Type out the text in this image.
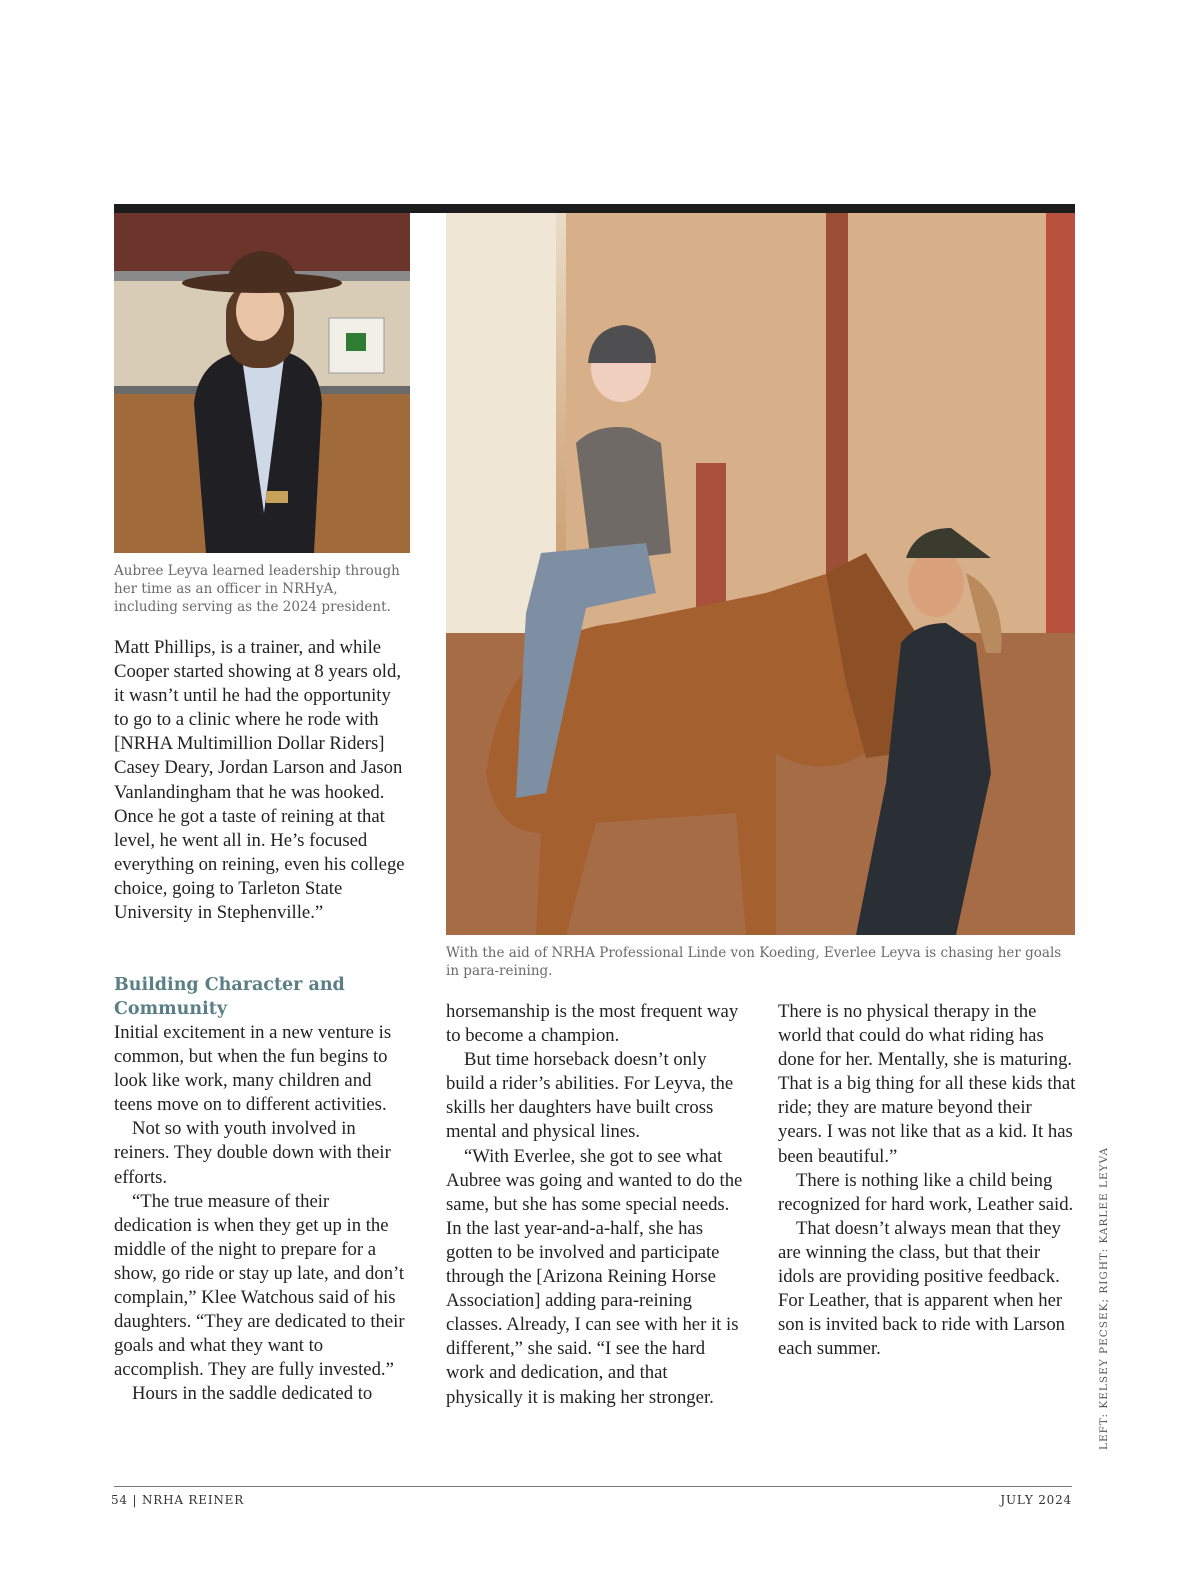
Aubree Leyva learned leadership through her time as an officer in NRHyA, including serving as the 2024 president.
With the aid of NRHA Professional Linde von Koeding, Everlee Leyva is chasing her goals in para-reining.

Matt Phillips, is a trainer, and while Cooper started showing at 8 years old, it wasn’t until he had the opportunity to go to a clinic where he rode with [NRHA Multimillion Dollar Riders] Casey Deary, Jordan Larson and Jason Vanlandingham that he was hooked. Once he got a taste of reining at that level, he went all in. He’s focused everything on reining, even his college choice, going to Tarleton State University in Stephenville.”

Building Character and Community

Initial excitement in a new venture is common, but when the fun begins to look like work, many children and teens move on to different activities.

Not so with youth involved in reiners. They double down with their efforts.

“The true measure of their dedication is when they get up in the middle of the night to prepare for a show, go ride or stay up late, and don’t complain,” Klee Watchous said of his daughters. “They are dedicated to their goals and what they want to accomplish. They are fully invested.”

Hours in the saddle dedicated to

horsemanship is the most frequent way to become a champion.

But time horseback doesn’t only build a rider’s abilities. For Leyva, the skills her daughters have built cross mental and physical lines.

“With Everlee, she got to see what Aubree was going and wanted to do the same, but she has some special needs. In the last year-and-a-half, she has gotten to be involved and participate through the [Arizona Reining Horse Association] adding para-reining classes. Already, I can see with her it is different,” she said. “I see the hard work and dedication, and that physically it is making her stronger.

There is no physical therapy in the world that could do what riding has done for her. Mentally, she is maturing. That is a big thing for all these kids that ride; they are mature beyond their years. I was not like that as a kid. It has been beautiful.”

There is nothing like a child being recognized for hard work, Leather said.

That doesn’t always mean that they are winning the class, but that their idols are providing positive feedback. For Leather, that is apparent when her son is invited back to ride with Larson each summer.	LEFT: KELSEY PECSEK; RIGHT: KARLEE LEYVA
54 | NRHA REINER	JULY 2024
